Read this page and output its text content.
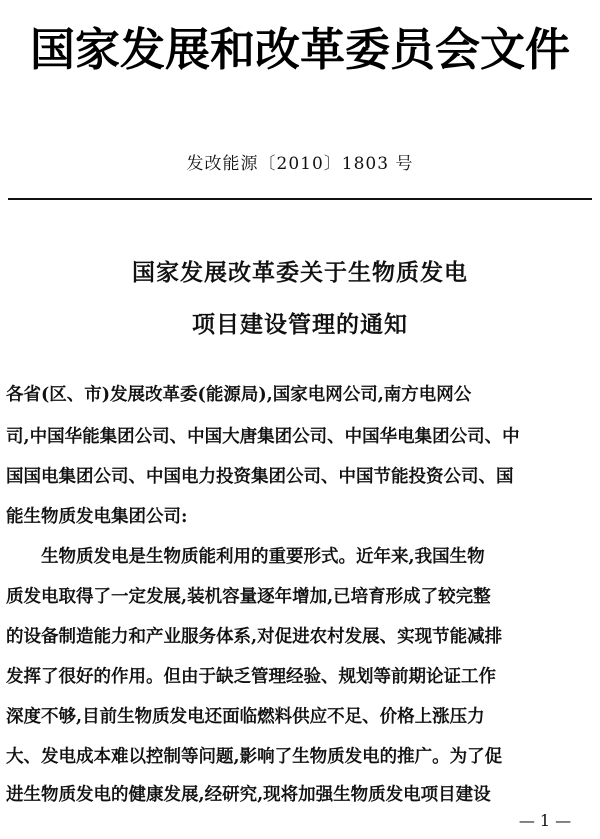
国家发展和改革委员会文件
发改能源〔2010〕1803 号
国家发展改革委关于生物质发电
项目建设管理的通知
各省(区、市)发展改革委(能源局),国家电网公司,南方电网公
司,中国华能集团公司、中国大唐集团公司、中国华电集团公司、中
国国电集团公司、中国电力投资集团公司、中国节能投资公司、国
能生物质发电集团公司:
　　生物质发电是生物质能利用的重要形式。近年来,我国生物
质发电取得了一定发展,装机容量逐年增加,已培育形成了较完整
的设备制造能力和产业服务体系,对促进农村发展、实现节能减排
发挥了很好的作用。但由于缺乏管理经验、规划等前期论证工作
深度不够,目前生物质发电还面临燃料供应不足、价格上涨压力
大、发电成本难以控制等问题,影响了生物质发电的推广。为了促
进生物质发电的健康发展,经研究,现将加强生物质发电项目建设
— 1 —
